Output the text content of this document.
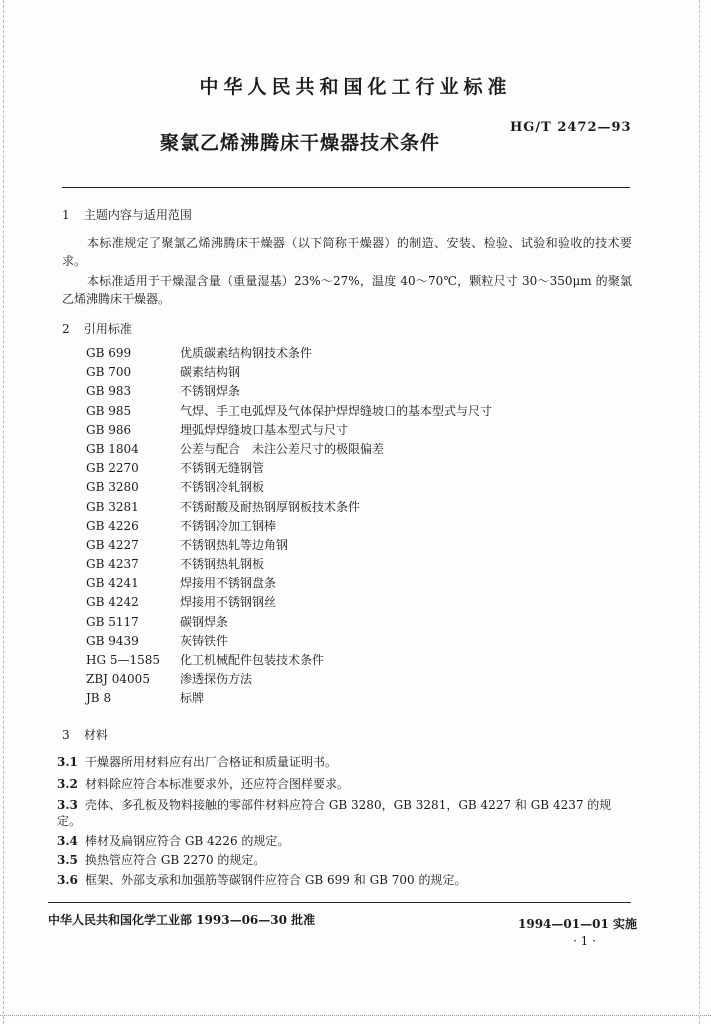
中华人民共和国化工行业标准
聚氯乙烯沸腾床干燥器技术条件
HG/T 2472—93
1 主题内容与适用范围
本标准规定了聚氯乙烯沸腾床干燥器（以下简称干燥器）的制造、安装、检验、试验和验收的技术要求。
本标准适用于干燥湿含量（重量湿基）23%～27%，温度 40～70℃，颗粒尺寸 30～350μm 的聚氯乙烯沸腾床干燥器。
2 引用标准
GB 699	优质碳素结构钢技术条件
GB 700	碳素结构钢
GB 983	不锈钢焊条
GB 985	气焊、手工电弧焊及气体保护焊焊缝坡口的基本型式与尺寸
GB 986	埋弧焊焊缝坡口基本型式与尺寸
GB 1804	公差与配合　未注公差尺寸的极限偏差
GB 2270	不锈钢无缝钢管
GB 3280	不锈钢冷轧钢板
GB 3281	不锈耐酸及耐热钢厚钢板技术条件
GB 4226	不锈钢冷加工钢棒
GB 4227	不锈钢热轧等边角钢
GB 4237	不锈钢热轧钢板
GB 4241	焊接用不锈钢盘条
GB 4242	焊接用不锈钢钢丝
GB 5117	碳钢焊条
GB 9439	灰铸铁件
HG 5—1585 化工机械配件包装技术条件
ZBJ 04005	渗透探伤方法
JB 8	标牌
3 材料
3.1 干燥器所用材料应有出厂合格证和质量证明书。
3.2 材料除应符合本标准要求外，还应符合图样要求。
3.3 壳体、多孔板及物料接触的零部件材料应符合 GB 3280，GB 3281，GB 4227 和 GB 4237 的规
定。
3.4 棒材及扁钢应符合 GB 4226 的规定。
3.5 换热管应符合 GB 2270 的规定。
3.6 框架、外部支承和加强筋等碳钢件应符合 GB 699 和 GB 700 的规定。
中华人民共和国化学工业部 1993—06—30 批准	1994—01—01 实施
· 1 ·
